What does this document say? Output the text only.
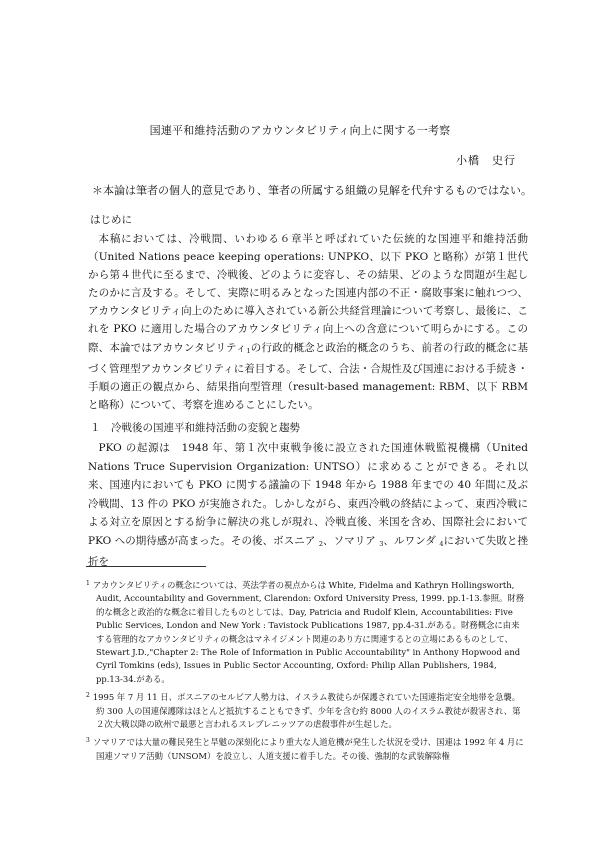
国連平和維持活動のアカウンタビリティ向上に関する一考察
小橋　史行
＊本論は筆者の個人的意見であり、筆者の所属する組織の見解を代弁するものではない。
はじめに

本稿においては、冷戦間、いわゆる６章半と呼ばれていた伝統的な国連平和維持活動（United Nations peace keeping operations: UNPKO、以下 PKO と略称）が第１世代から第４世代に至るまで、冷戦後、どのように変容し、その結果、どのような問題が生起したのかに言及する。そして、実際に明るみとなった国連内部の不正・腐敗事案に触れつつ、アカウンタビリティ向上のために導入されている新公共経営理論について考察し、最後に、これを PKO に適用した場合のアカウンタビリティ向上への含意について明らかにする。この際、本論ではアカウンタビリティ$^1$の行政的概念と政治的概念のうち、前者の行政的概念に基づく管理型アカウンタビリティに着目する。そして、合法・合規性及び国連における手続き・手順の適正の観点から、結果指向型管理（result-based management: RBM、以下 RBM と略称）について、考察を進めることにしたい。

１　冷戦後の国連平和維持活動の変貌と趨勢

PKO の起源は　1948 年、第１次中東戦争後に設立された国連休戦監視機構（United Nations Truce Supervision Organization: UNTSO）に求めることができる。それ以来、国連内においても PKO に関する議論の下 1948 年から 1988 年までの 40 年間に及ぶ冷戦間、13 件の PKO が実施された。しかしながら、東西冷戦の終結によって、東西冷戦による対立を原因とする紛争に解決の兆しが現れ、冷戦直後、米国を含め、国際社会において PKO への期待感が高まった。その後、ボスニア $^2$、ソマリア $^3$、ルワンダ $^4$において失敗と挫折を

$^1$ アカウンタビリティの概念については、英法学者の視点からは White, Fidelma and Kathryn Hollingsworth, Audit, Accountability and Government, Clarendon: Oxford University Press, 1999. pp.1-13.参照。財務的な概念と政治的な概念に着目したものとしては、Day, Patricia and Rudolf Klein, Accountabilities: Five Public Services, London and New York : Tavistock Publications 1987, pp.4-31.がある。財務概念に由来する管理的なアカウンタビリティの概念はマネイジメント関連のあり方に関連するとの立場にあるものとして、Stewart J.D.,"Chapter 2: The Role of Information in Public Accountability" in Anthony Hopwood and Cyril Tomkins (eds), Issues in Public Sector Accounting, Oxford: Philip Allan Publishers, 1984, pp.13-34.がある。

$^2$ 1995 年 7 月 11 日、ボスニアのセルビア人勢力は、イスラム教徒らが保護されていた国連指定安全地帯を急襲。約 300 人の国連保護隊はほとんど抵抗することもできず、少年を含む約 8000 人のイスラム教徒が殺害され、第２次大戦以降の欧州で最悪と言われるスレブレニッツアの虐殺事件が生起した。

$^3$ ソマリアでは大量の難民発生と旱魃の深刻化により重大な人道危機が発生した状況を受け、国連は 1992 年 4 月に国連ソマリア活動（UNSOM）を設立し、人道支援に着手した。その後、強制的な武装解除権
